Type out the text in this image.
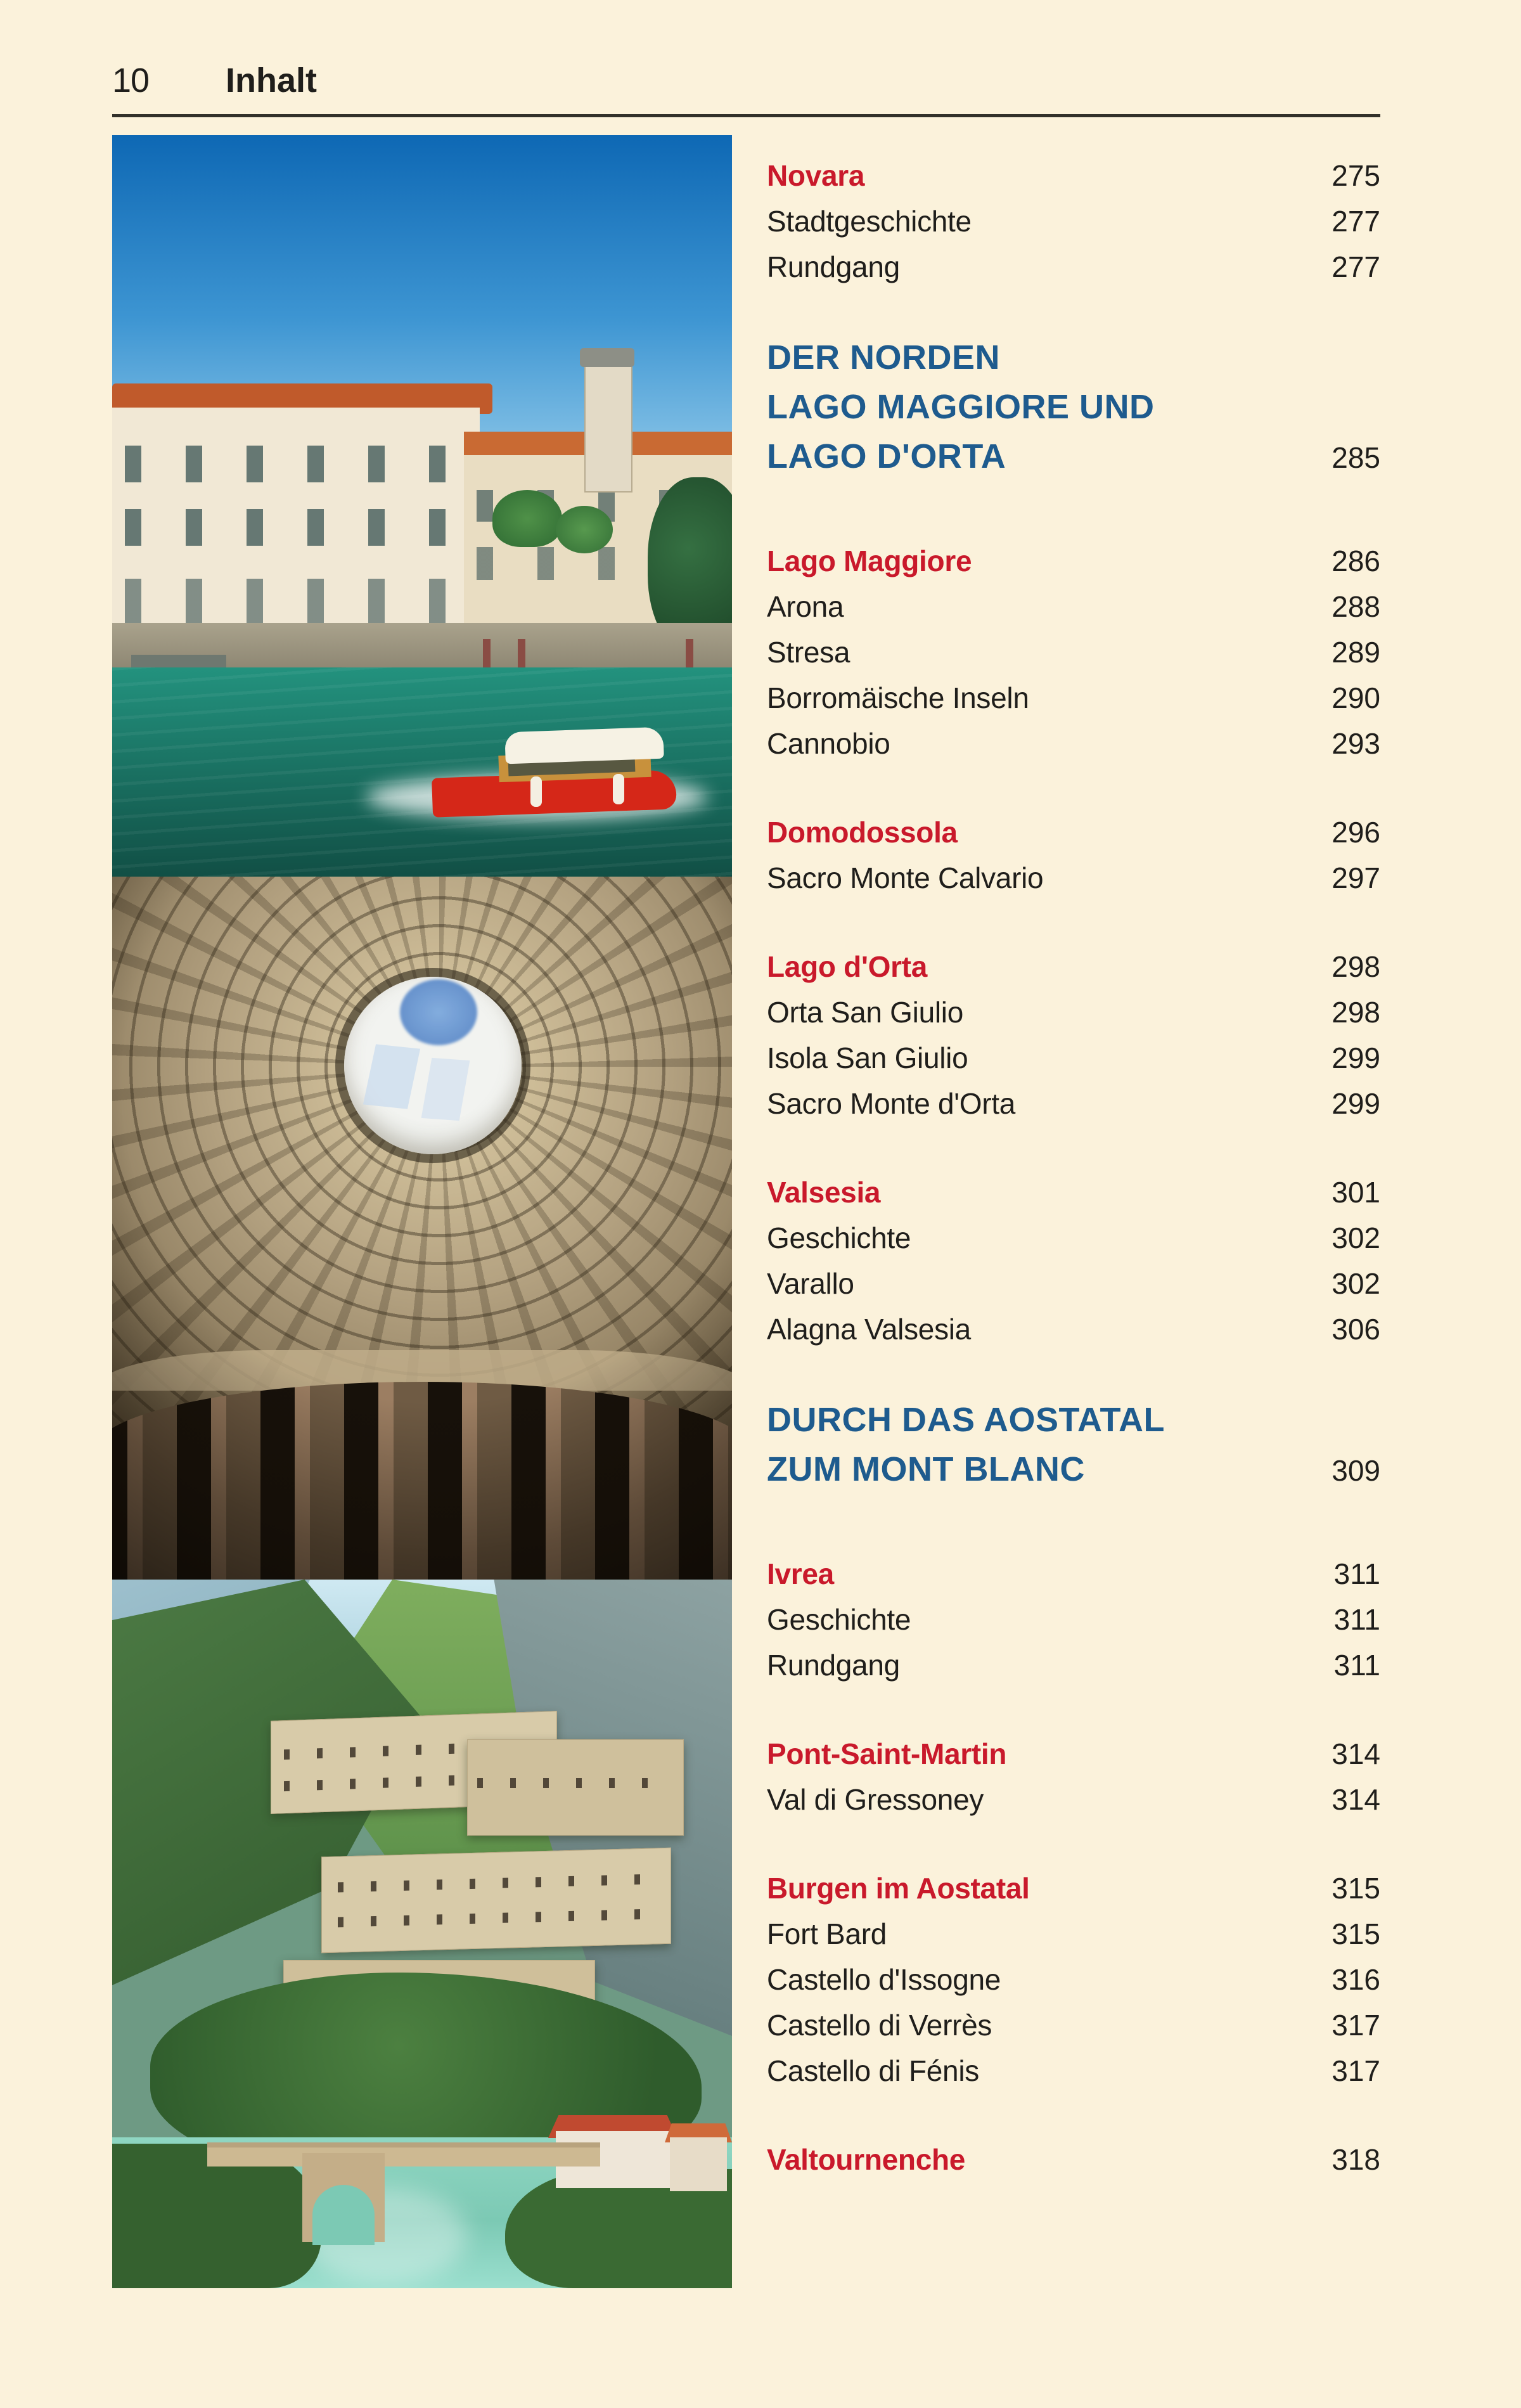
10 Inhalt
Novara	275
Stadtgeschichte	277
Rundgang	277
DER NORDEN
LAGO MAGGIORE UND
LAGO D'ORTA	285
Lago Maggiore	286
Arona	288
Stresa	289
Borromäische Inseln	290
Cannobio	293
Domodossola	296
Sacro Monte Calvario	297
Lago d'Orta	298
Orta San Giulio	298
Isola San Giulio	299
Sacro Monte d'Orta	299
Valsesia	301
Geschichte	302
Varallo	302
Alagna Valsesia	306
DURCH DAS AOSTATAL
ZUM MONT BLANC	309
Ivrea	311
Geschichte	311
Rundgang	311
Pont-Saint-Martin	314
Val di Gressoney	314
Burgen im Aostatal	315
Fort Bard	315
Castello d'Issogne	316
Castello di Verrès	317
Castello di Fénis	317
Valtournenche	318
